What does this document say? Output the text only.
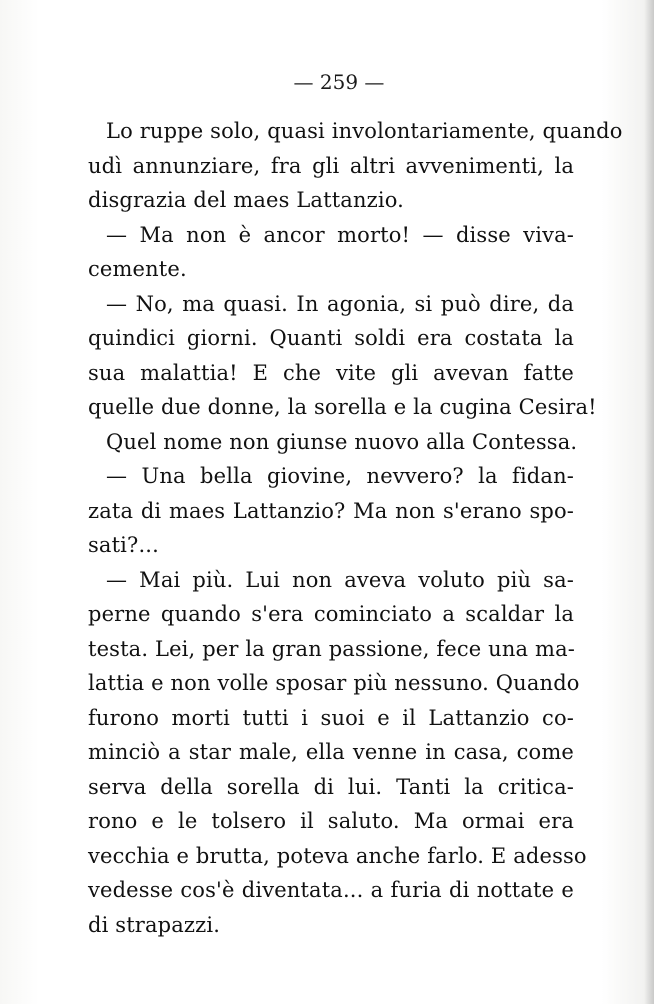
— 259 —
Lo ruppe solo, quasi involontariamente, quando
udì annunziare, fra gli altri avvenimenti, la
disgrazia del maes Lattanzio.
— Ma non è ancor morto! — disse viva-
cemente.
— No, ma quasi. In agonia, si può dire, da
quindici giorni. Quanti soldi era costata la
sua malattia! E che vite gli avevan fatte
quelle due donne, la sorella e la cugina Cesira!
Quel nome non giunse nuovo alla Contessa.
— Una bella giovine, nevvero? la fidan-
zata di maes Lattanzio? Ma non s'erano spo-
sati?...
— Mai più. Lui non aveva voluto più sa-
perne quando s'era cominciato a scaldar la
testa. Lei, per la gran passione, fece una ma-
lattia e non volle sposar più nessuno. Quando
furono morti tutti i suoi e il Lattanzio co-
minciò a star male, ella venne in casa, come
serva della sorella di lui. Tanti la critica-
rono e le tolsero il saluto. Ma ormai era
vecchia e brutta, poteva anche farlo. E adesso
vedesse cos'è diventata... a furia di nottate e
di strapazzi.
